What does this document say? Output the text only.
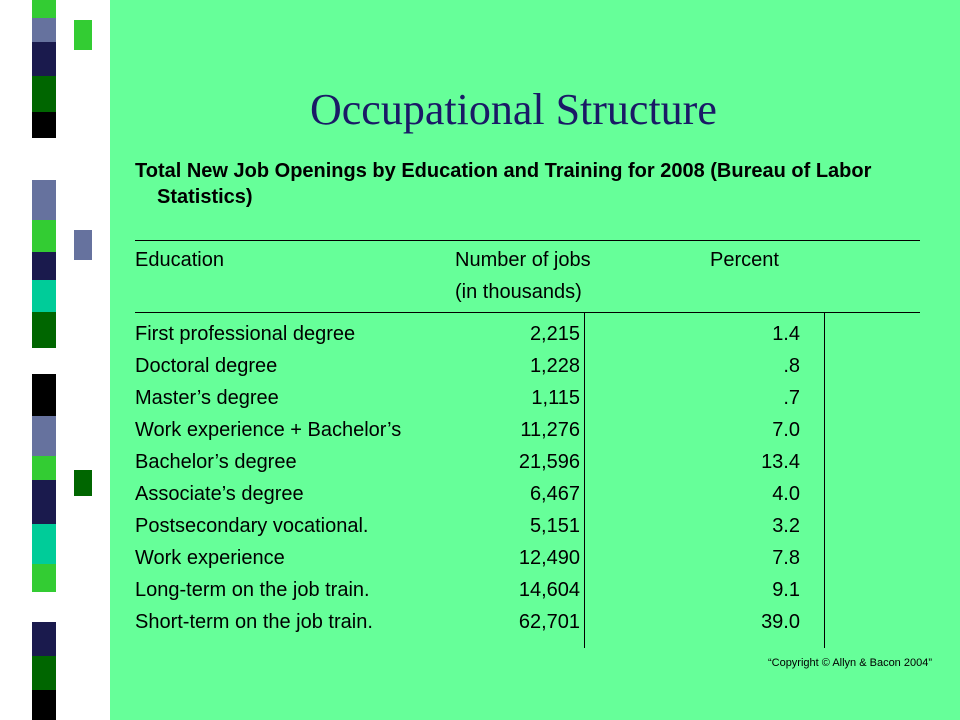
Occupational Structure

Total New Job Openings by Education and Training for 2008 (Bureau of Labor Statistics)

Education	Number of jobs	Percent
(in thousands)
First professional degree	2,215	1.4
Doctoral degree	1,228	.8
Master’s degree	1,115	.7
Work experience + Bachelor’s	11,276	7.0
Bachelor’s degree	21,596	13.4
Associate’s degree	6,467	4.0
Postsecondary vocational.	5,151	3.2
Work experience	12,490	7.8
Long-term on the job train.	14,604	9.1
Short-term on the job train.	62,701	39.0
“Copyright © Allyn & Bacon 2004”
